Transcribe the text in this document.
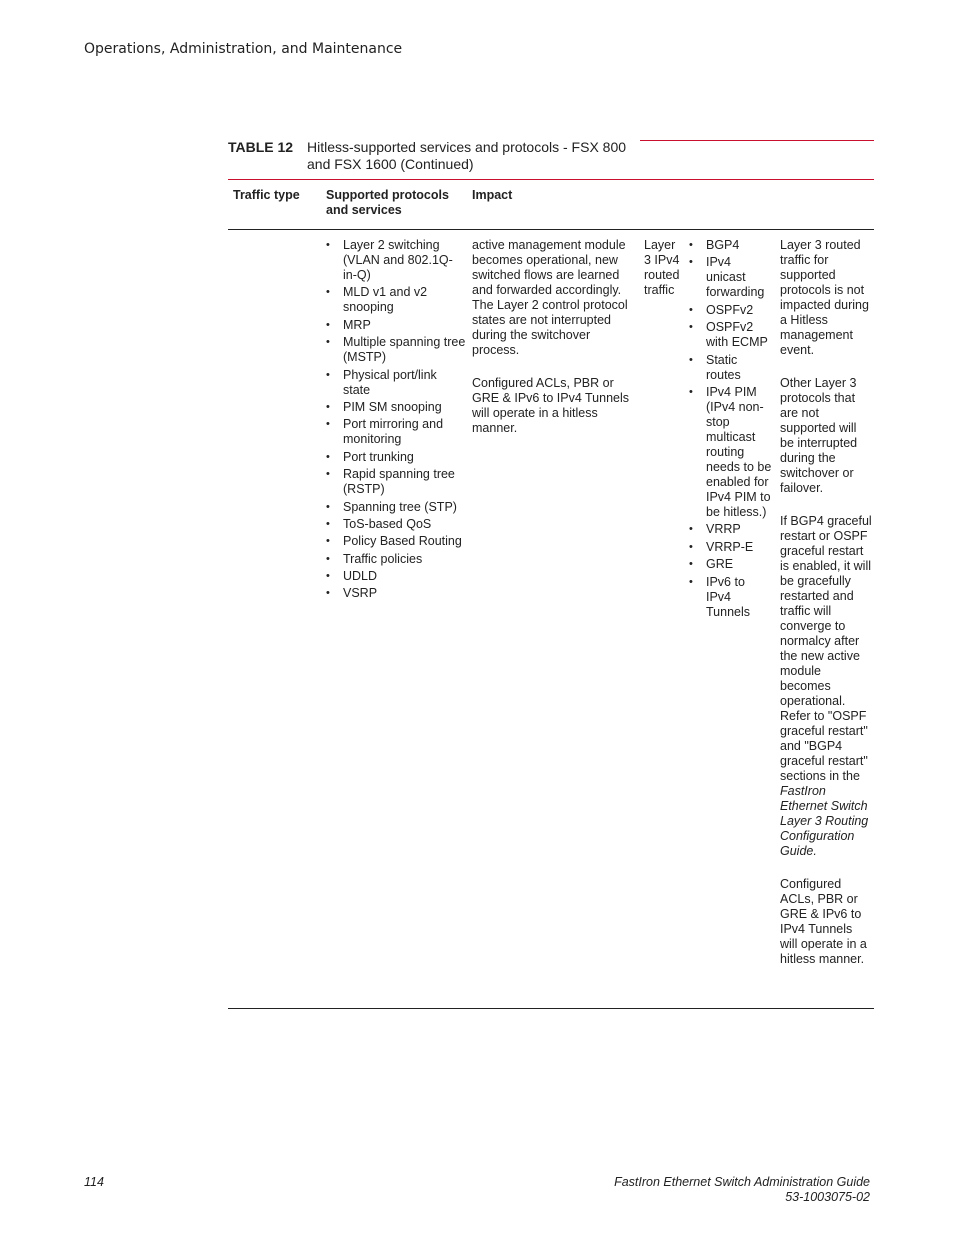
Operations, Administration, and Maintenance
TABLE 12 Hitless-supported services and protocols - FSX 800 and FSX 1600 (Continued)
Traffic type	Supported protocols and services
Impact
• Layer 2 switching (VLAN and 802.1Q-in-Q)
• MLD v1 and v2 snooping
• MRP
• Multiple spanning tree (MSTP)
• Physical port/link state
• PIM SM snooping
• Port mirroring and monitoring
• Port trunking
• Rapid spanning tree (RSTP)
• Spanning tree (STP)
• ToS-based QoS
• Policy Based Routing
• Traffic policies
• UDLD
• VSRP

active management module becomes operational, new switched flows are learned and forwarded accordingly. The Layer 2 control protocol states are not interrupted during the switchover process.

Configured ACLs, PBR or GRE & IPv6 to IPv4 Tunnels will operate in a hitless manner.

Layer 3 IPv4 routed traffic
• BGP4
• IPv4 unicast forwarding
• OSPFv2
• OSPFv2 with ECMP
• Static routes
• IPv4 PIM (IPv4 non-stop multicast routing needs to be enabled for IPv4 PIM to be hitless.)
• VRRP
• VRRP-E
• GRE
• IPv6 to IPv4 Tunnels

Layer 3 routed traffic for supported protocols is not impacted during a Hitless management event.

Other Layer 3 protocols that are not supported will be interrupted during the switchover or failover.

If BGP4 graceful restart or OSPF graceful restart is enabled, it will be gracefully restarted and traffic will converge to normalcy after the new active module becomes operational. Refer to "OSPF graceful restart" and "BGP4 graceful restart" sections in the FastIron Ethernet Switch Layer 3 Routing Configuration Guide.

Configured ACLs, PBR or GRE & IPv6 to IPv4 Tunnels will operate in a hitless manner.

114	FastIron Ethernet Switch Administration Guide
53-1003075-02
